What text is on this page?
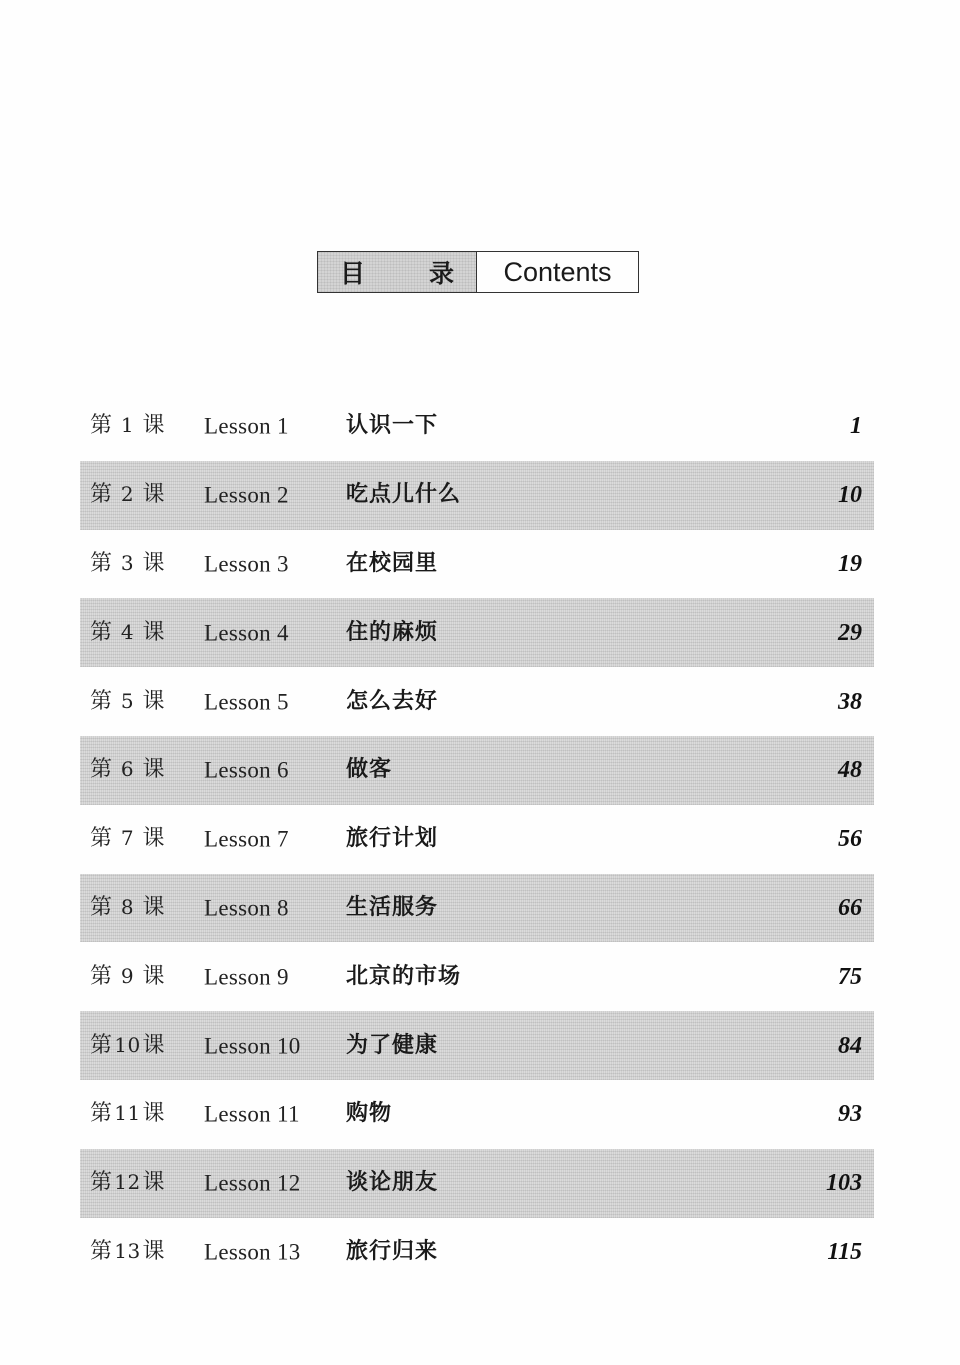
目	录	Contents
第 1 课 Lesson 1	认识一下	1
第 2 课 Lesson 2	吃点儿什么	10
第 3 课 Lesson 3	在校园里	19
第 4 课 Lesson 4	住的麻烦	29
第 5 课 Lesson 5	怎么去好	38
第 6 课 Lesson 6	做客	48
第 7 课 Lesson 7	旅行计划	56
第 8 课 Lesson 8	生活服务	66
第 9 课 Lesson 9	北京的市场	75
第10课 Lesson 10 为了健康	84
第11课 Lesson 11 购物	93
第12课 Lesson 12 谈论朋友	103
第13课 Lesson 13 旅行归来	115
